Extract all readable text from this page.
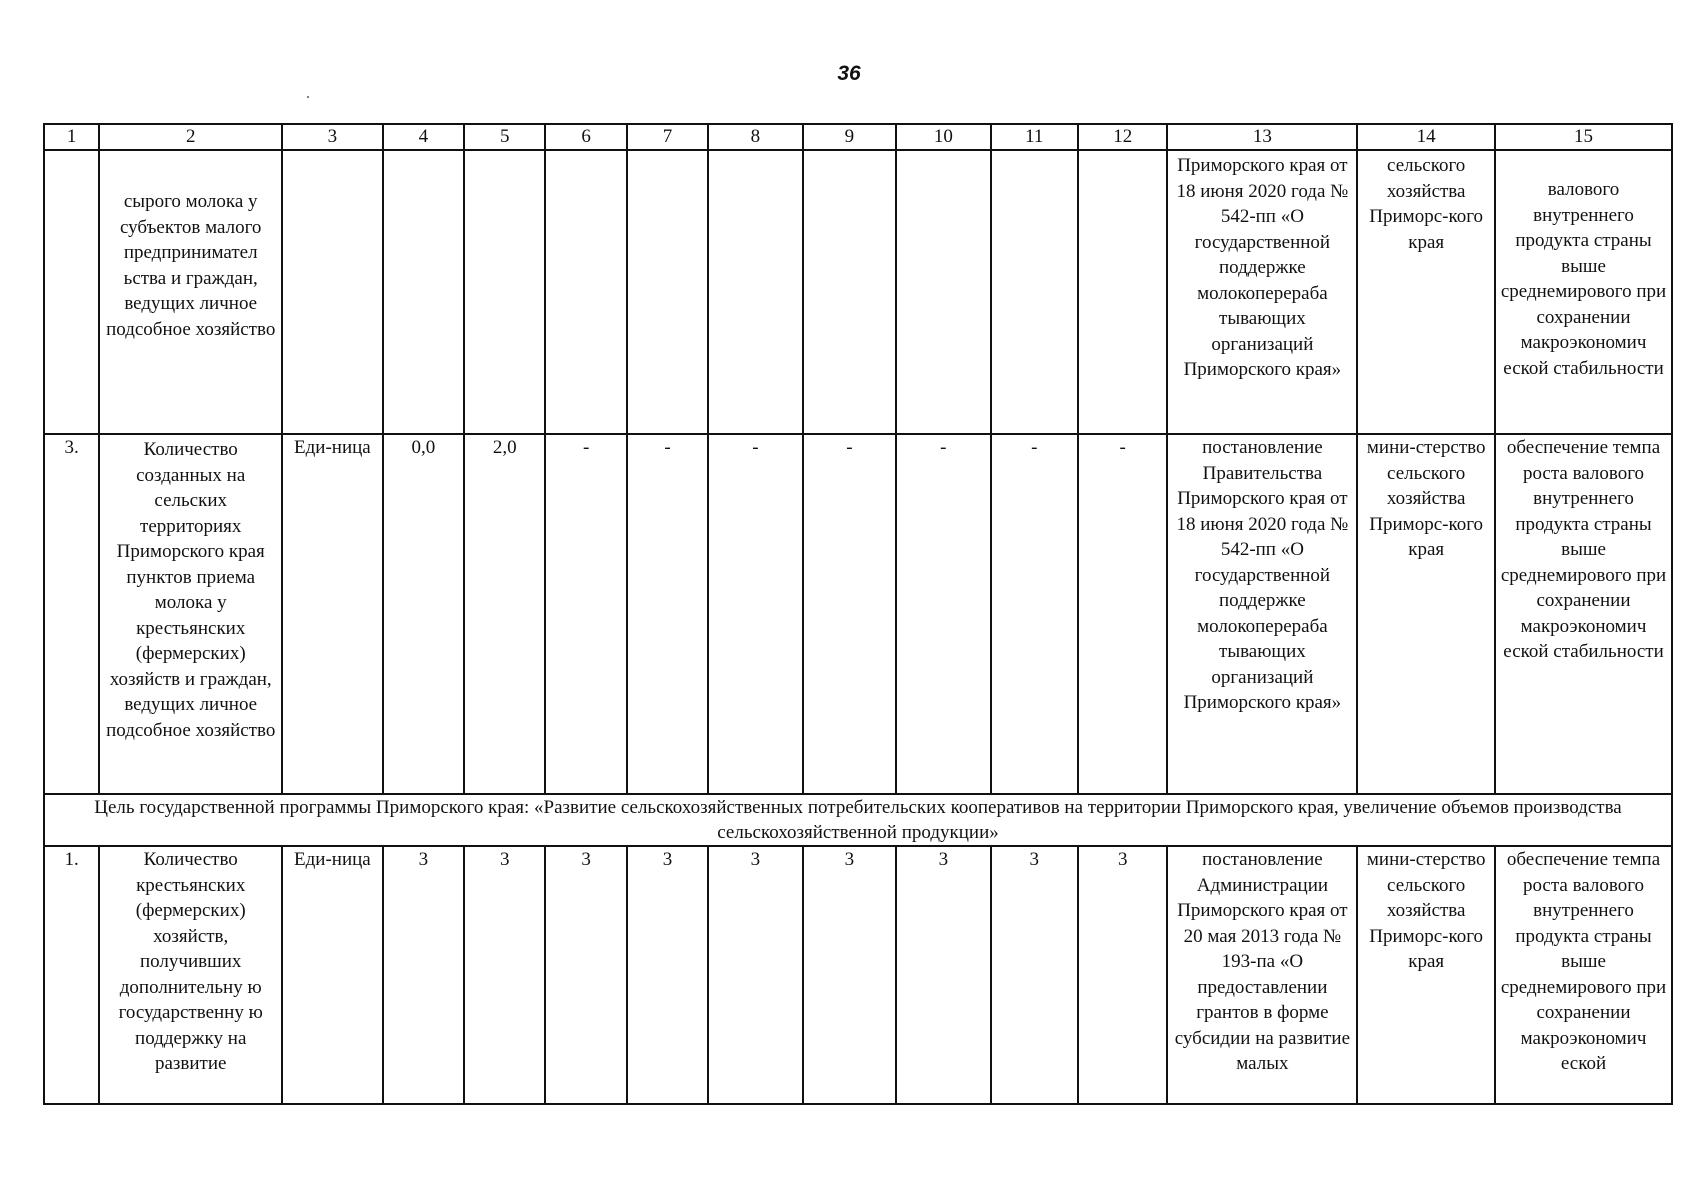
36
1	2	3	4	5	6	7	8	9	10	11	12	13	14	15

	сырого молока у субъектов малого предпринимател ьства и граждан, ведущих личное подсобное хозяйство											Приморского края от 18 июня 2020 года № 542-пп «О государственной поддержке молокоперераба тывающих организаций Приморского края»	сельского хозяйства Приморс-кого края	валового внутреннего продукта страны выше среднемирового при сохранении макроэкономич еской стабильности

3.	Количество созданных на сельских территориях Приморского края пунктов приема молока у крестьянских (фермерских) хозяйств и граждан, ведущих личное подсобное хозяйство	Еди-ница	0,0	2,0	-	-	-	-	-	-	-	постановление Правительства Приморского края от 18 июня 2020 года № 542-пп «О государственной поддержке молокоперераба тывающих организаций Приморского края»	мини-стерство сельского хозяйства Приморс-кого края	обеспечение темпа роста валового внутреннего продукта страны выше среднемирового при сохранении макроэкономич еской стабильности

Цель государственной программы Приморского края: «Развитие сельскохозяйственных потребительских кооперативов на территории Приморского края, увеличение объемов производства сельскохозяйственной продукции»														
1.	Количество крестьянских (фермерских) хозяйств, получивших дополнительну ю государственну ю поддержку на развитие	Еди-ница	3	3	3	3	3	3	3	3	3	постановление Администрации Приморского края от 20 мая 2013 года № 193-па «О предоставлении грантов в форме субсидии на развитие малых	мини-стерство сельского хозяйства Приморс-кого края	обеспечение темпа роста валового внутреннего продукта страны выше среднемирового при сохранении макроэкономич еской
